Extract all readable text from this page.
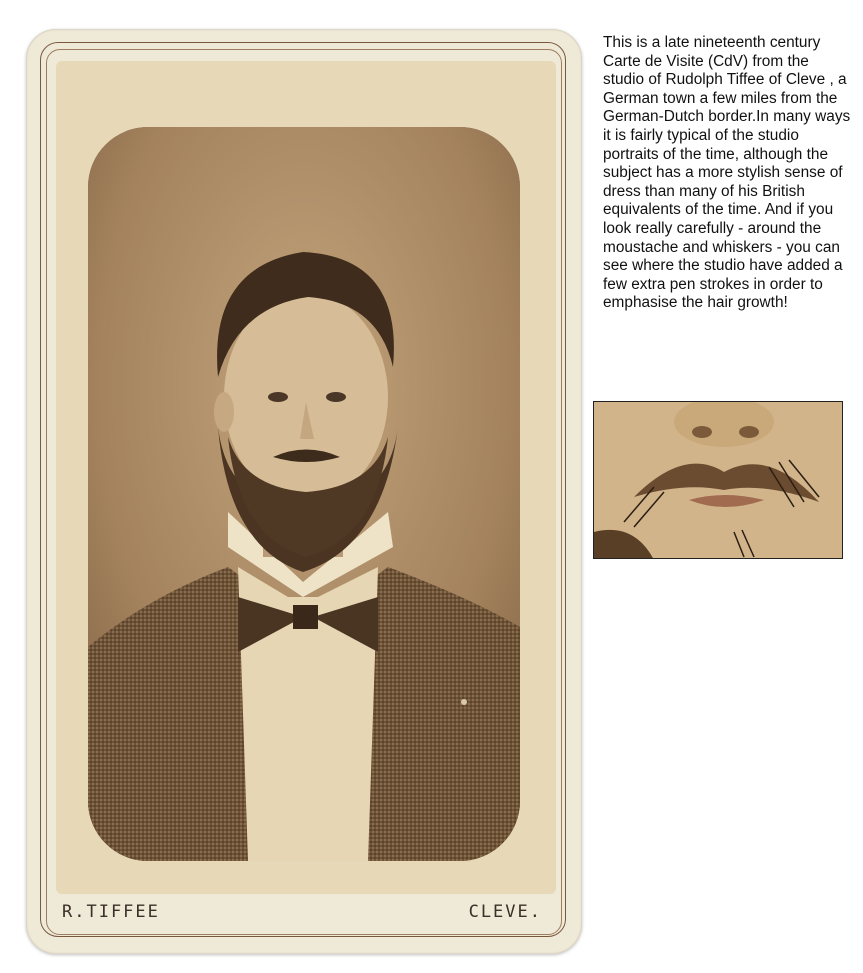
R.TIFFEE	CLEVE.

This is a late nineteenth century Carte de Visite (CdV) from the studio of Rudolph Tiffee of Cleve , a German town a few miles from the German-Dutch border.In many ways it is fairly typical of the studio portraits of the time, although the subject has a more stylish sense of dress than many of his British equivalents of the time. And if you look really carefully - around the moustache and whiskers - you can see where the studio have added a few extra pen strokes in order to emphasise the hair growth!
